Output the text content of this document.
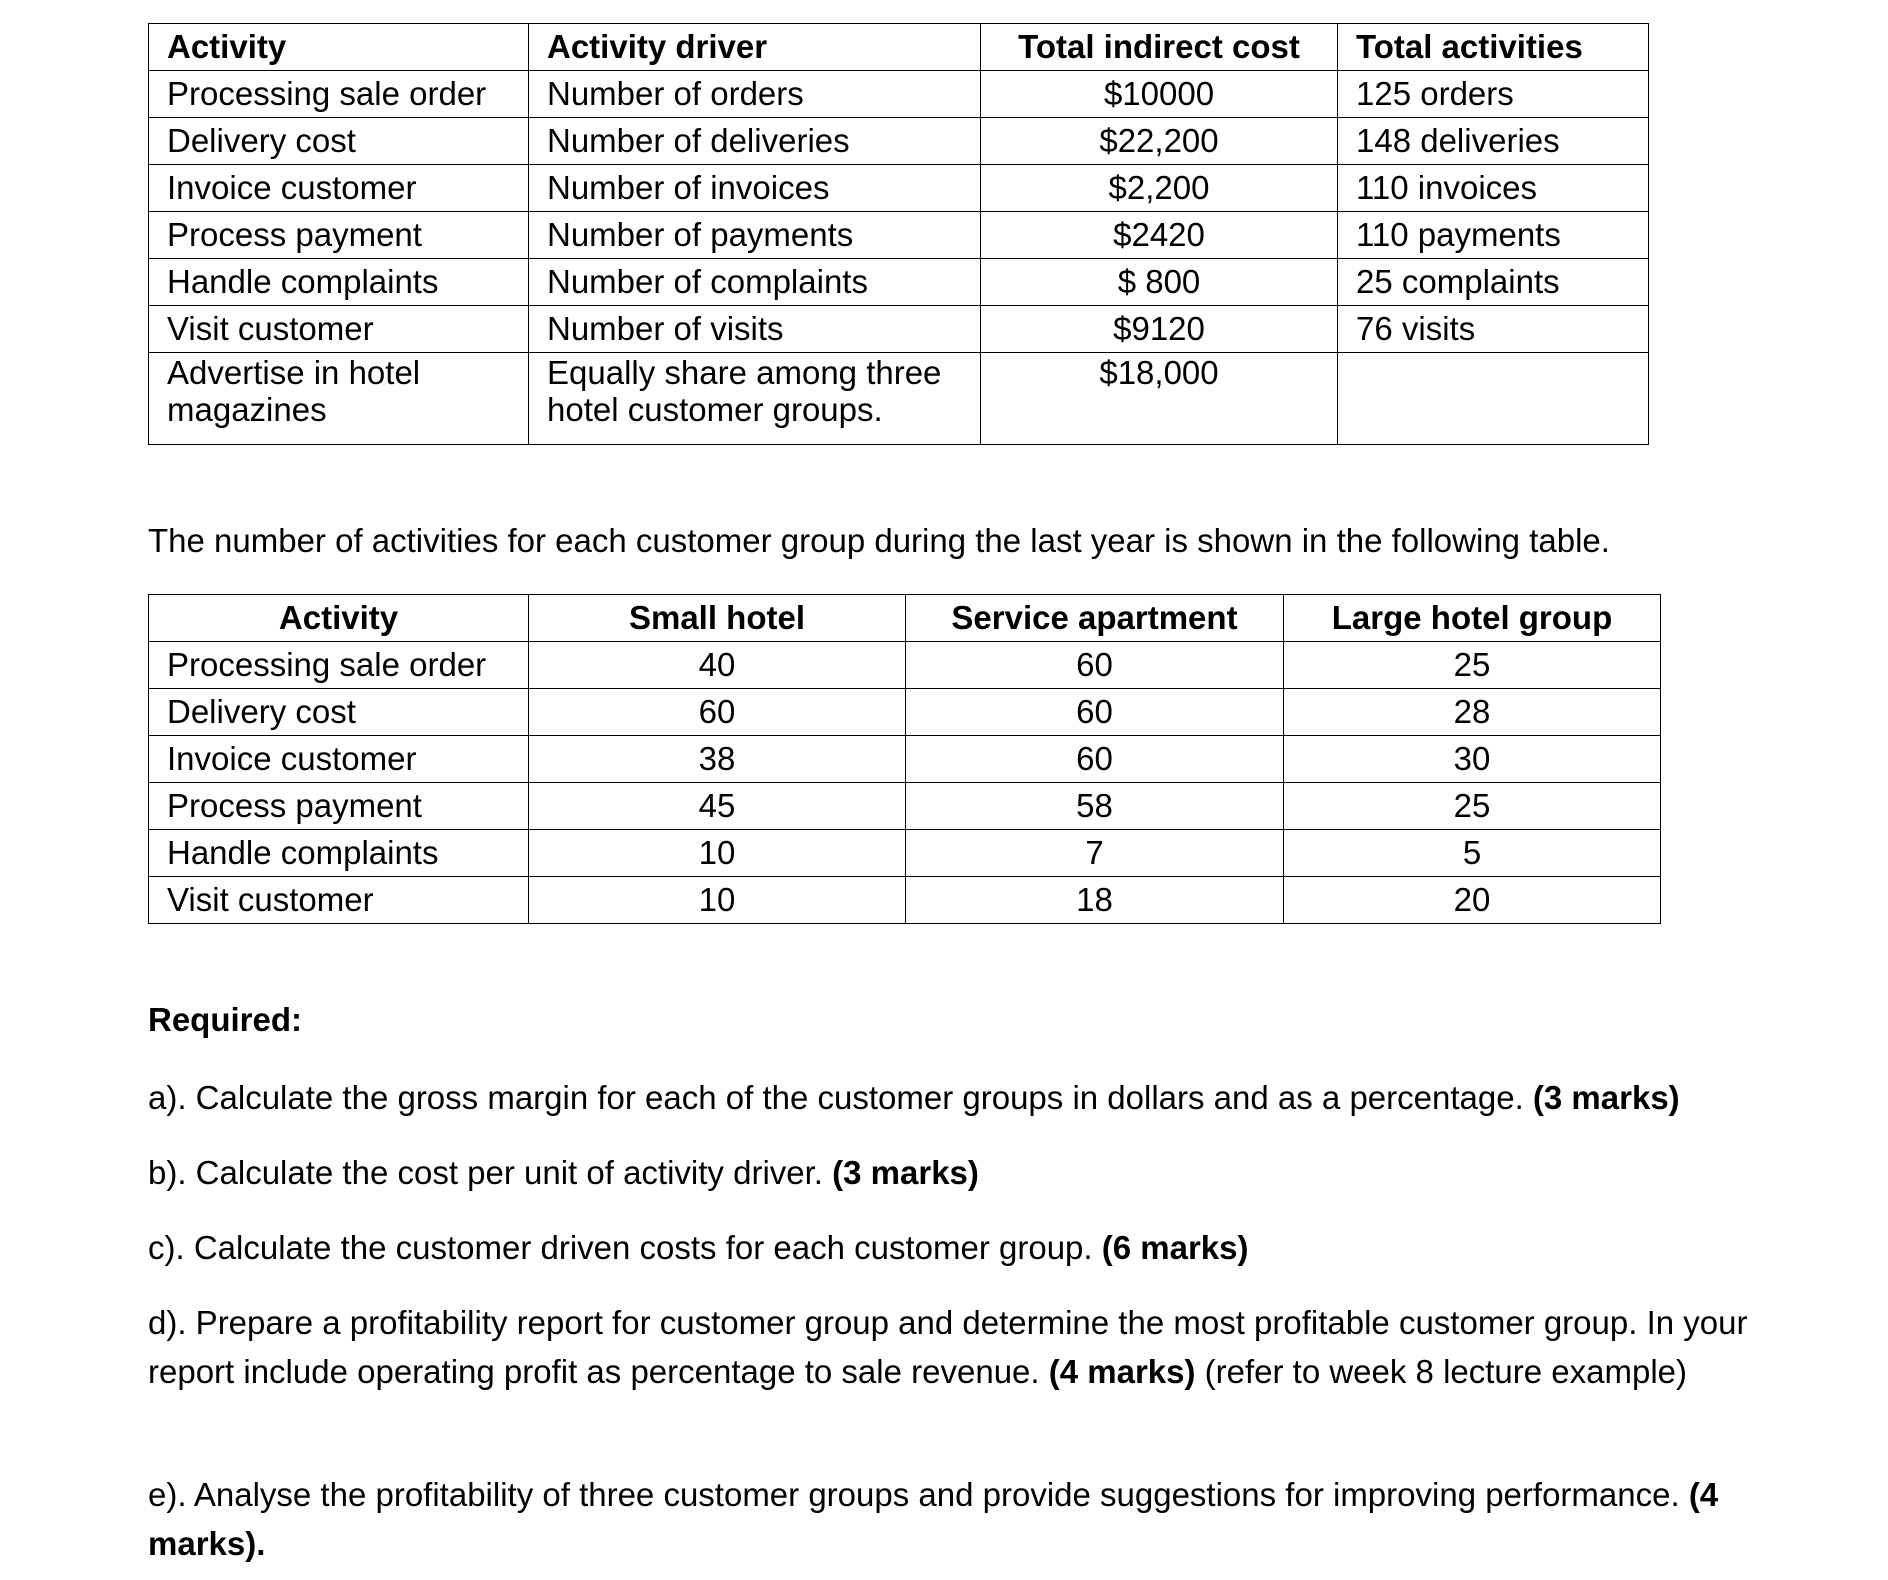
Activity	Activity driver	Total indirect cost	Total activities
Processing sale order	Number of orders	$10000	125 orders
Delivery cost	Number of deliveries	$22,200	148 deliveries
Invoice customer	Number of invoices	$2,200	110 invoices
Process payment	Number of payments	$2420	110 payments
Handle complaints	Number of complaints	$ 800	25 complaints
Visit customer	Number of visits	$9120	76 visits
Advertise in hotel magazines	Equally share among three hotel customer groups.	$18,000	
The number of activities for each customer group during the last year is shown in the following table.
Activity	Small hotel	Service apartment	Large hotel group
Processing sale order	40	60	25
Delivery cost	60	60	28
Invoice customer	38	60	30
Process payment	45	58	25
Handle complaints	10	7	5
Visit customer	10	18	20
Required:
a). Calculate the gross margin for each of the customer groups in dollars and as a percentage. (3 marks)
b). Calculate the cost per unit of activity driver. (3 marks)
c). Calculate the customer driven costs for each customer group. (6 marks)
d). Prepare a profitability report for customer group and determine the most profitable customer group. In your report include operating profit as percentage to sale revenue. (4 marks) (refer to week 8 lecture example)
e). Analyse the profitability of three customer groups and provide suggestions for improving performance. (4 marks).
